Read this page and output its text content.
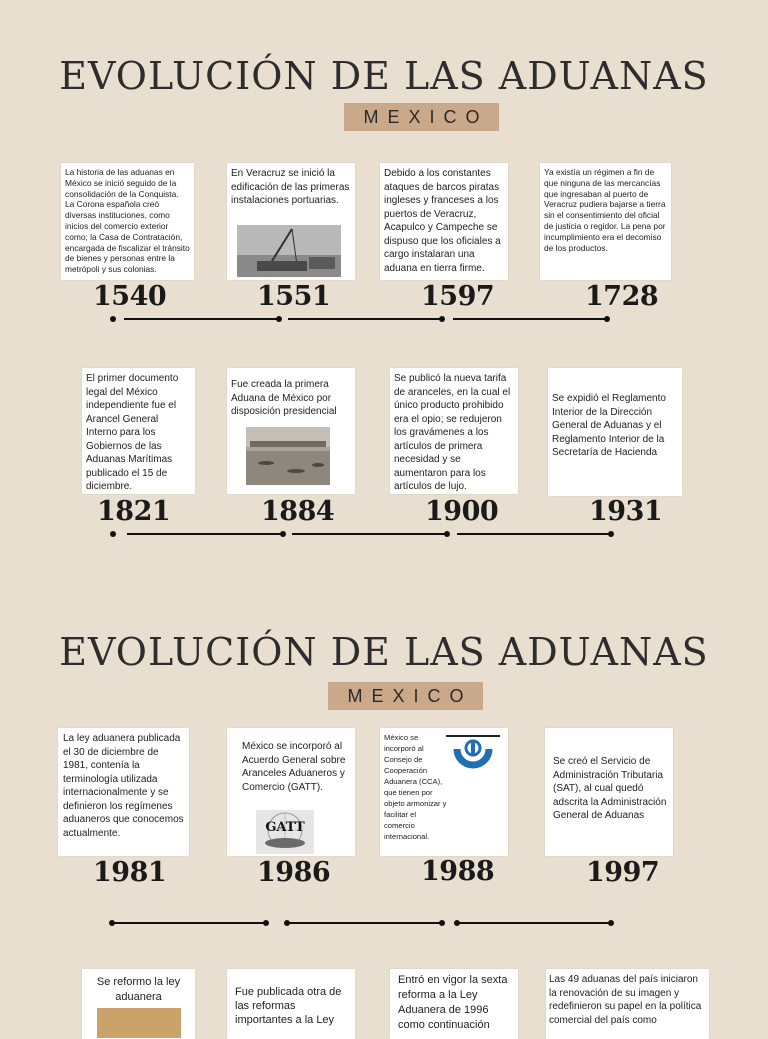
EVOLUCIÓN DE LAS ADUANAS
MEXICO
La historia de las aduanas en México se inició seguido de la consolidación de la Conquista. La Corona española creó diversas instituciones, como inicios del comercio exterior como; la Casa de Contratación, encargada de fiscalizar el tránsito de bienes y personas entre la metrópoli y sus colonias.
En Veracruz se inició la edificación de las primeras instalaciones portuarias.
Debido a los constantes ataques de barcos piratas ingleses y franceses a los puertos de Veracruz, Acapulco y Campeche se dispuso que los oficiales a cargo instalaran una aduana en tierra firme.
Ya existía un régimen a fin de que ninguna de las mercancías que ingresaban al puerto de Veracruz pudiera bajarse a tierra sin el consentimiento del oficial de justicia o regidor. La pena por incumplimiento era el decomiso de los productos.
1540	1551	1597	1728
El primer documento legal del México independiente fue el Arancel General Interno para los Gobiernos de las Aduanas Marítimas publicado el 15 de diciembre.
Fue creada la primera Aduana de México por disposición presidencial
Se publicó la nueva tarifa de aranceles, en la cual el único producto prohibido era el opio; se redujeron los gravámenes a los artículos de primera necesidad y se aumentaron para los artículos de lujo.
Se expidió el Reglamento Interior de la Dirección General de Aduanas y el Reglamento Interior de la Secretaría de Hacienda
1821	1884	1900	1931
EVOLUCIÓN DE LAS ADUANAS
MEXICO
La ley aduanera publicada el 30 de diciembre de 1981, contenía la terminología utilizada internacionalmente y se definieron los regímenes aduaneros que conocemos actualmente.
México se incorporó al Acuerdo General sobre Aranceles Aduaneros y Comercio (GATT).
GATT
México se incorporó al Consejo de Cooperación Aduanera (CCA), que tienen por objeto armonizar y facilitar el comercio internacional.
Se creó el Servicio de Administración Tributaria (SAT), al cual quedó adscrita la Administración General de Aduanas
1981	1986	1988	1997
Se reformo la ley aduanera	Fue publicada otra de las reformas importantes a la Ley
Entró en vigor la sexta reforma a la Ley Aduanera de 1996 como continuación
Las 49 aduanas del país iniciaron la renovación de su imagen y redefinieron su papel en la política comercial del país como
